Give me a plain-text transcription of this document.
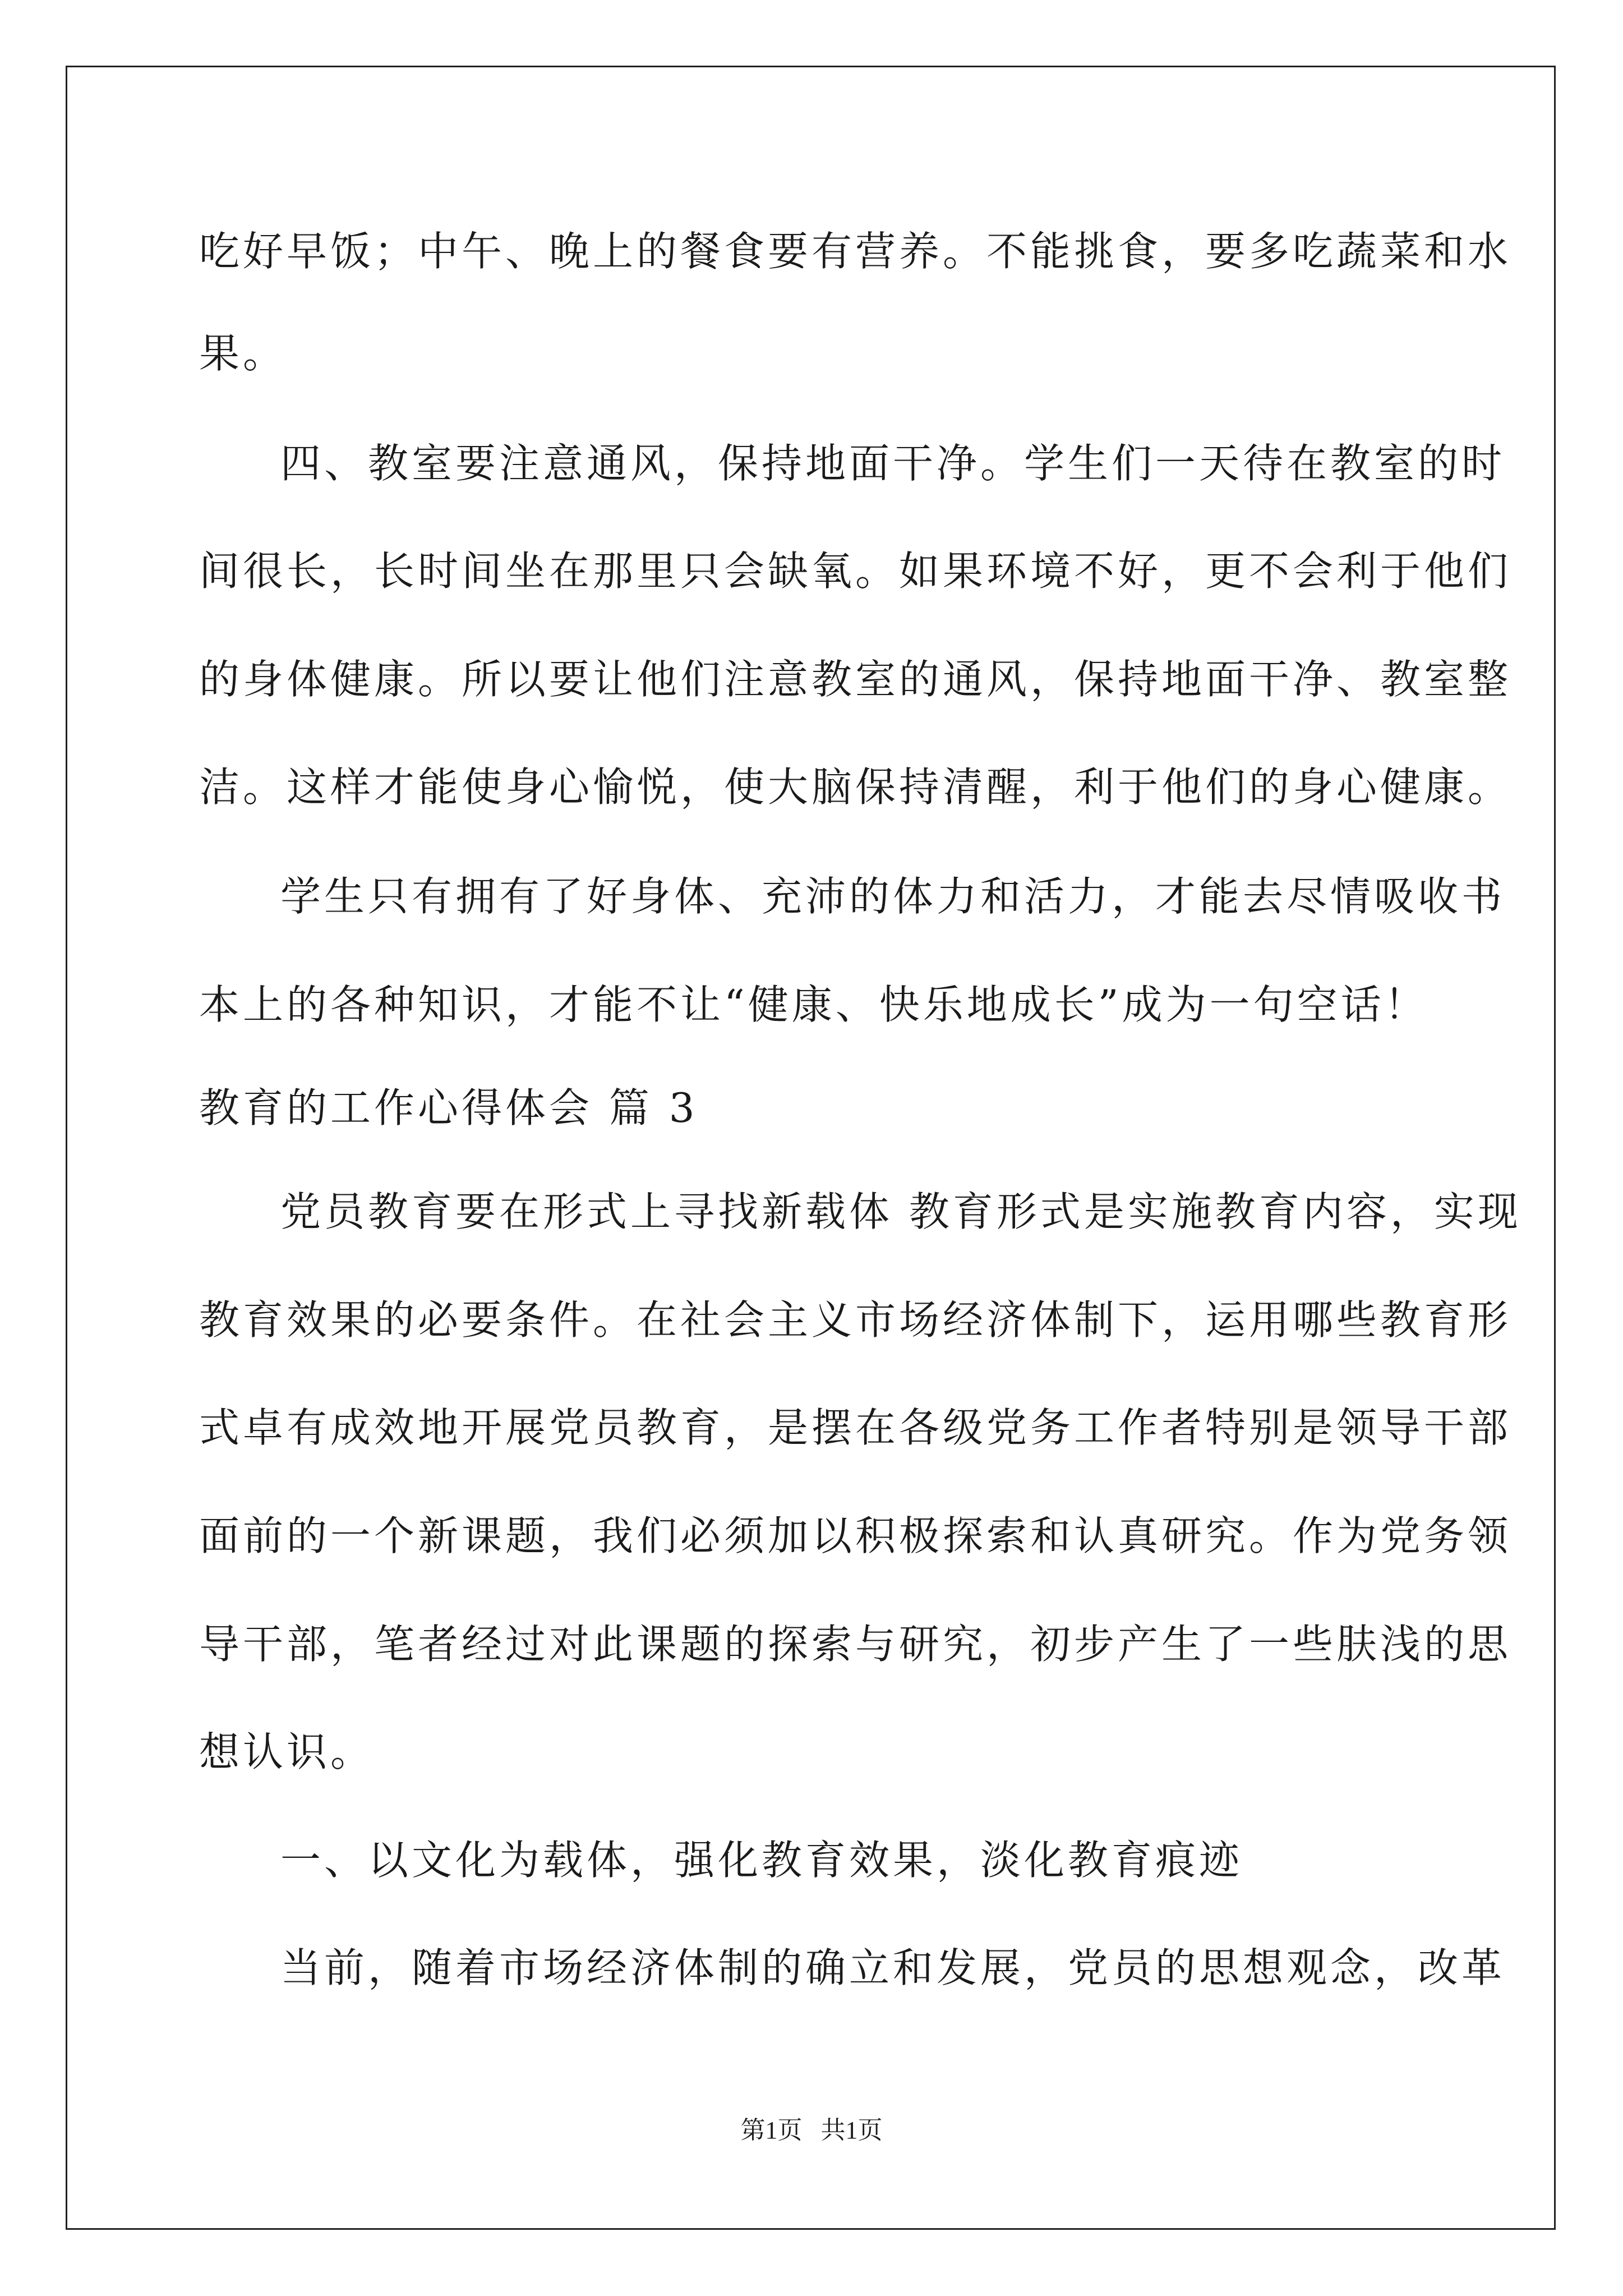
吃好早饭；中午、晚上的餐食要有营养。不能挑食，要多吃蔬菜和水
果。
四、教室要注意通风，保持地面干净。学生们一天待在教室的时
间很长，长时间坐在那里只会缺氧。如果环境不好，更不会利于他们
的身体健康。所以要让他们注意教室的通风，保持地面干净、教室整
洁。这样才能使身心愉悦，使大脑保持清醒，利于他们的身心健康。
学生只有拥有了好身体、充沛的体力和活力，才能去尽情吸收书
本上的各种知识，才能不让“健康、快乐地成长”成为一句空话！
教育的工作心得体会 篇 3
党员教育要在形式上寻找新载体 教育形式是实施教育内容，实现
教育效果的必要条件。在社会主义市场经济体制下，运用哪些教育形
式卓有成效地开展党员教育，是摆在各级党务工作者特别是领导干部
面前的一个新课题，我们必须加以积极探索和认真研究。作为党务领
导干部，笔者经过对此课题的探索与研究，初步产生了一些肤浅的思
想认识。
一、以文化为载体，强化教育效果，淡化教育痕迹
当前，随着市场经济体制的确立和发展，党员的思想观念，改革
第1页   共1页
